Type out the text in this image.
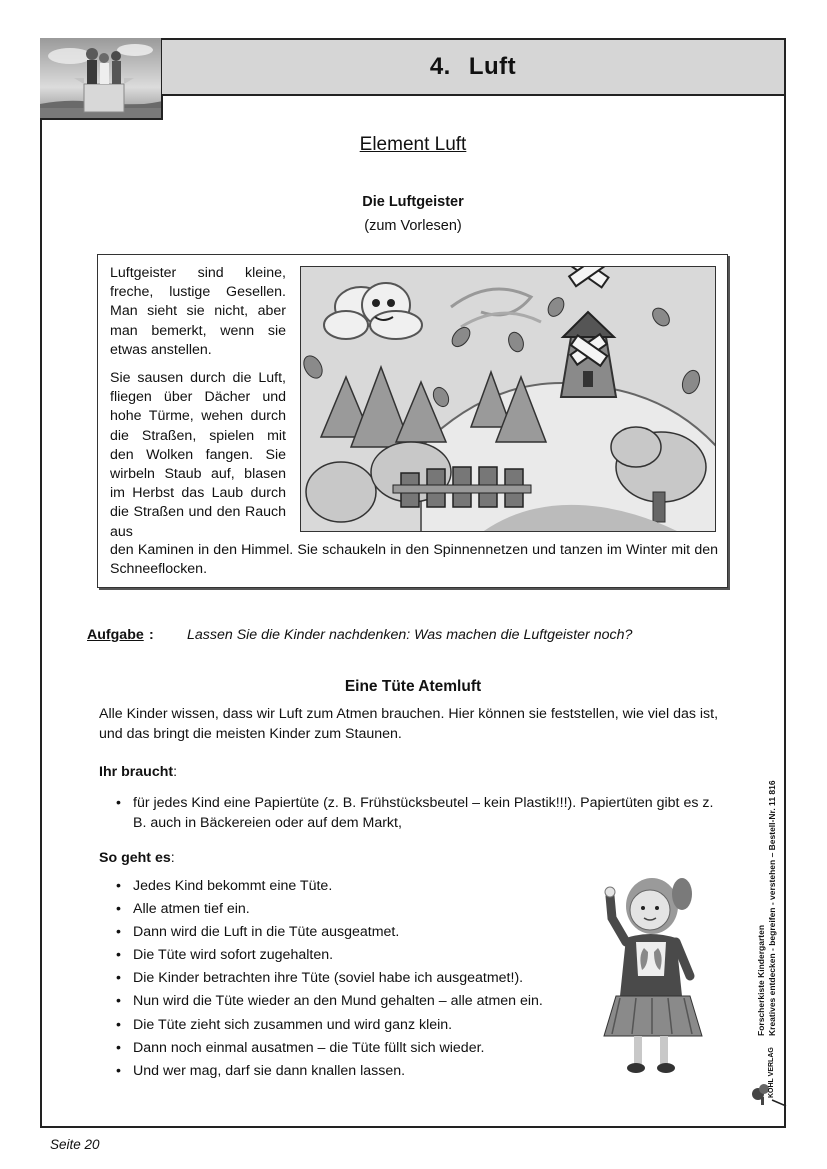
4. Luft
Element Luft
Die Luftgeister
(zum Vorlesen)
Luftgeister sind kleine, freche, lustige Gesellen. Man sieht sie nicht, aber man bemerkt, wenn sie etwas anstellen.
Sie sausen durch die Luft, fliegen über Dächer und hohe Türme, wehen durch die Straßen, spielen mit den Wolken fangen. Sie wirbeln Staub auf, blasen im Herbst das Laub durch die Straßen und den Rauch aus
den Kaminen in den Himmel. Sie schaukeln in den Spinnennetzen und tanzen im Winter mit den Schneeflocken.
Aufgabe : Lassen Sie die Kinder nachdenken: Was machen die Luftgeister noch?
Eine Tüte Atemluft
Alle Kinder wissen, dass wir Luft zum Atmen brauchen. Hier können sie feststellen, wie viel das ist, und das bringt die meisten Kinder zum Staunen.
Ihr braucht:
• für jedes Kind eine Papiertüte (z. B. Frühstücksbeutel – kein Plastik!!!). Papiertüten gibt es z. B. auch in Bäckereien oder auf dem Markt,
So geht es:
• Jedes Kind bekommt eine Tüte.
• Alle atmen tief ein.
• Dann wird die Luft in die Tüte ausgeatmet.
• Die Tüte wird sofort zugehalten.
• Die Kinder betrachten ihre Tüte (soviel habe ich ausgeatmet!).
• Nun wird die Tüte wieder an den Mund gehalten – alle atmen ein.
• Die Tüte zieht sich zusammen und wird ganz klein.
• Dann noch einmal ausatmen – die Tüte füllt sich wieder.
• Und wer mag, darf sie dann knallen lassen.
Forscherkiste Kindergarten Kreatives entdecken - begreifen - verstehen – Bestell-Nr. 11 816
KOHL VERLAG
Seite 20
